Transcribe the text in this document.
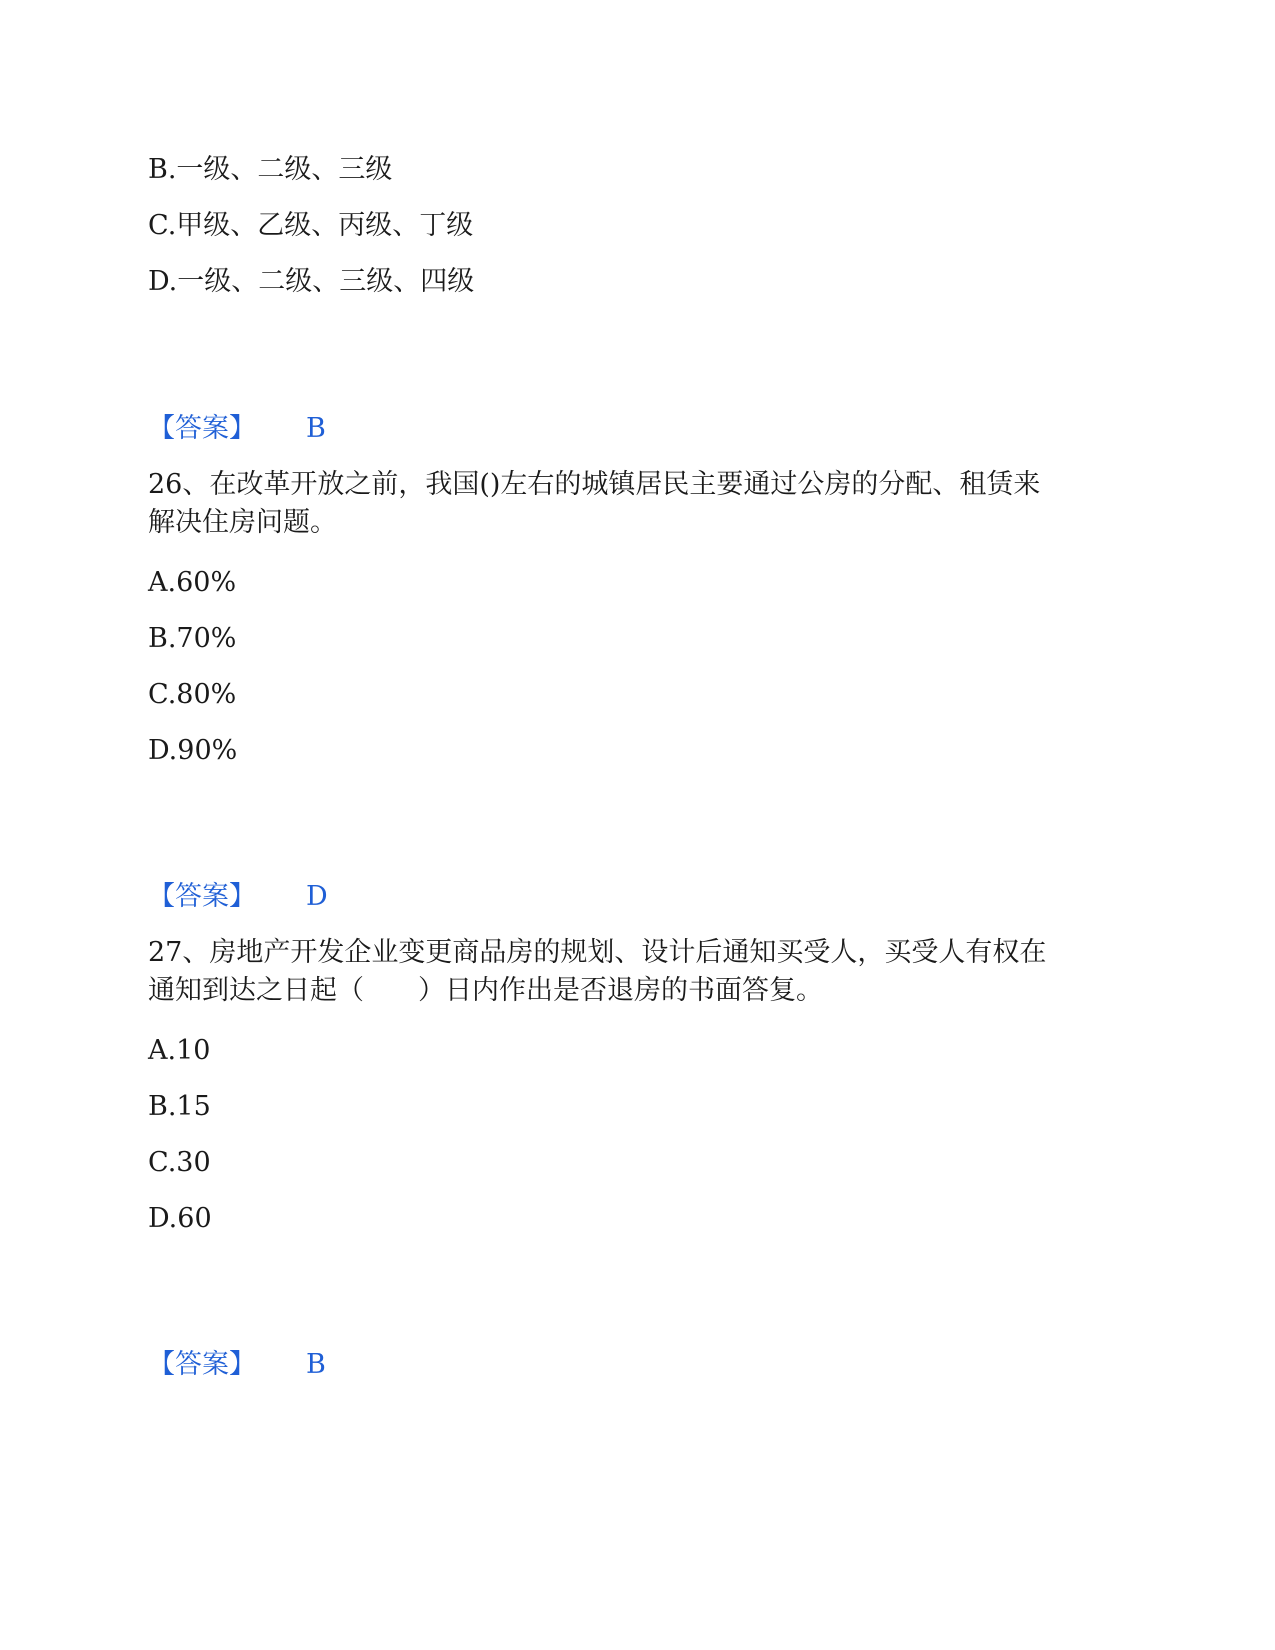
B.一级、二级、三级
C.甲级、乙级、丙级、丁级
D.一级、二级、三级、四级
【答案】 B
26、在改革开放之前，我国()左右的城镇居民主要通过公房的分配、租赁来
解决住房问题。
A.60%
B.70%
C.80%
D.90%
【答案】 D
27、房地产开发企业变更商品房的规划、设计后通知买受人，买受人有权在
通知到达之日起（　　）日内作出是否退房的书面答复。
A.10
B.15
C.30
D.60
【答案】 B
